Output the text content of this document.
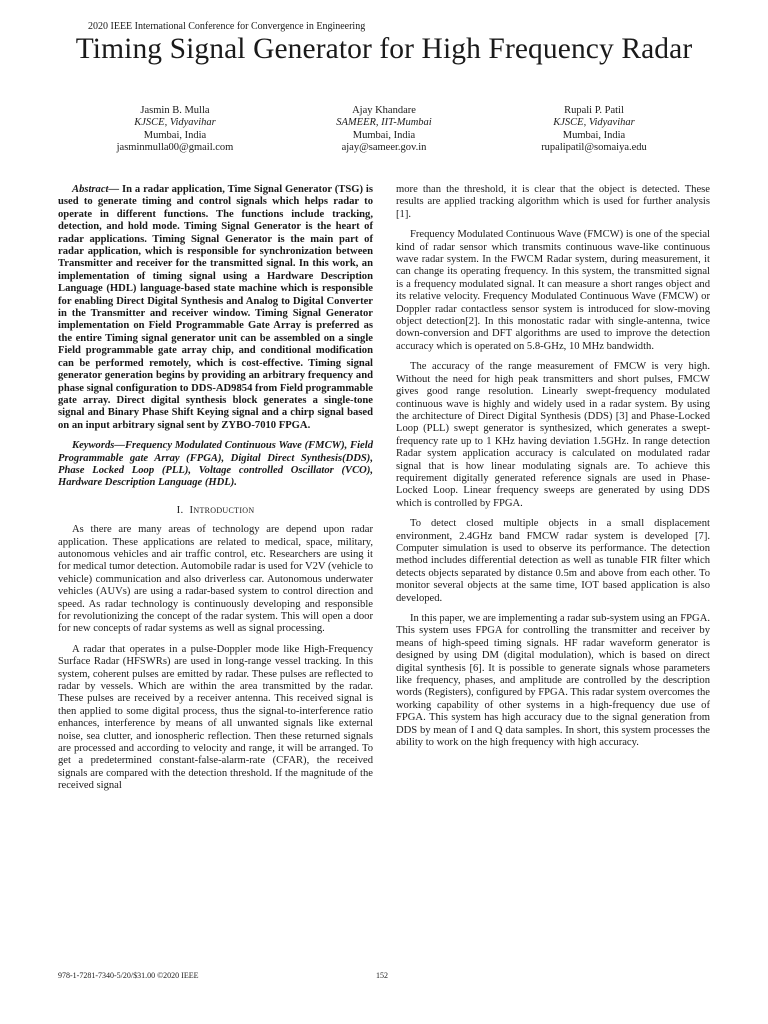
2020 IEEE International Conference for Convergence in Engineering
Timing Signal Generator for High Frequency Radar
Jasmin B. Mulla
KJSCE, Vidyavihar
Mumbai, India
jasminmulla00@gmail.com
Ajay Khandare
SAMEER, IIT-Mumbai
Mumbai, India
ajay@sameer.gov.in
Rupali P. Patil
KJSCE, Vidyavihar
Mumbai, India
rupalipatil@somaiya.edu

Abstract— In a radar application, Time Signal Generator (TSG) is used to generate timing and control signals which helps radar to operate in different functions. The functions include tracking, detection, and hold mode. Timing Signal Generator is the heart of radar applications. Timing Signal Generator is the main part of radar application, which is responsible for synchronization between Transmitter and receiver for the transmitted signal. In this work, an implementation of timing signal using a Hardware Description Language (HDL) language-based state machine which is responsible for enabling Direct Digital Synthesis and Analog to Digital Converter in the Transmitter and receiver window. Timing Signal Generator implementation on Field Programmable Gate Array is preferred as the entire Timing signal generator unit can be assembled on a single Field programmable gate array chip, and conditional modification can be performed remotely, which is cost-effective. Timing signal generator generation begins by providing an arbitrary frequency and phase signal configuration to DDS-AD9854 from Field programmable gate array. Direct digital synthesis block generates a single-tone signal and Binary Phase Shift Keying signal and a chirp signal based on an input arbitrary signal sent by ZYBO-7010 FPGA.

Keywords—Frequency Modulated Continuous Wave (FMCW), Field Programmable gate Array (FPGA), Digital Direct Synthesis(DDS), Phase Locked Loop (PLL), Voltage controlled Oscillator (VCO), Hardware Description Language (HDL).

I. Introduction

As there are many areas of technology are depend upon radar application. These applications are related to medical, space, military, autonomous vehicles and air traffic control, etc. Researchers are using it for medical tumor detection. Automobile radar is used for V2V (vehicle to vehicle) communication and also driverless car. Autonomous underwater vehicles (AUVs) are using a radar-based system to control direction and speed. As radar technology is continuously developing and responsible for revolutionizing the concept of the radar system. This will open a door for new concepts of radar systems as well as signal processing.

A radar that operates in a pulse-Doppler mode like High-Frequency Surface Radar (HFSWRs) are used in long-range vessel tracking. In this system, coherent pulses are emitted by radar. These pulses are reflected to radar by vessels. Which are within the area transmitted by the radar. These pulses are received by a receiver antenna. This received signal is then applied to some digital process, thus the signal-to-interference ratio enhances, interference by means of all unwanted signals like external noise, sea clutter, and ionospheric reflection. Then these returned signals are processed and according to velocity and range, it will be arranged. To get a predetermined constant-false-alarm-rate (CFAR), the received signals are compared with the detection threshold. If the magnitude of the received signal

more than the threshold, it is clear that the object is detected. These results are applied tracking algorithm which is used for further analysis [1].

Frequency Modulated Continuous Wave (FMCW) is one of the special kind of radar sensor which transmits continuous wave-like continuous wave radar system. In the FWCM Radar system, during measurement, it can change its operating frequency. In this system, the transmitted signal is a frequency modulated signal. It can measure a short ranges object and its relative velocity. Frequency Modulated Continuous Wave (FMCW) or Doppler radar contactless sensor system is introduced for slow-moving object detection[2]. In this monostatic radar with single-antenna, twice down-conversion and DFT algorithms are used to improve the detection accuracy which is operated on 5.8-GHz, 10 MHz bandwidth.

The accuracy of the range measurement of FMCW is very high. Without the need for high peak transmitters and short pulses, FMCW gives good range resolution. Linearly swept-frequency modulated continuous wave is highly and widely used in a radar system. By using the architecture of Direct Digital Synthesis (DDS) [3] and Phase-Locked Loop (PLL) swept generator is synthesized, which generates a swept-frequency rate up to 1 KHz having deviation 1.5GHz. In range detection Radar system application accuracy is calculated on modulated radar signal that is how linear modulating signals are. To achieve this requirement digitally generated reference signals are used in Phase-Locked Loop. Linear frequency sweeps are generated by using DDS which is controlled by FPGA.

To detect closed multiple objects in a small displacement environment, 2.4GHz band FMCW radar system is developed [7]. Computer simulation is used to observe its performance. The detection method includes differential detection as well as tunable FIR filter which detects objects separated by distance 0.5m and above from each other. To monitor several objects at the same time, IOT based application is also developed.

In this paper, we are implementing a radar sub-system using an FPGA. This system uses FPGA for controlling the transmitter and receiver by means of high-speed timing signals. HF radar waveform generator is designed by using DM (digital modulation), which is based on direct digital synthesis [6]. It is possible to generate signals whose parameters like frequency, phases, and amplitude are controlled by the description words (Registers), configured by FPGA. This radar system overcomes the working capability of other systems in a high-frequency due use of FPGA. This system has high accuracy due to the signal generation from DDS by mean of I and Q data samples. In short, this system processes the ability to work on the high frequency with high accuracy.

978-1-7281-7340-5/20/$31.00 ©2020 IEEE	152
